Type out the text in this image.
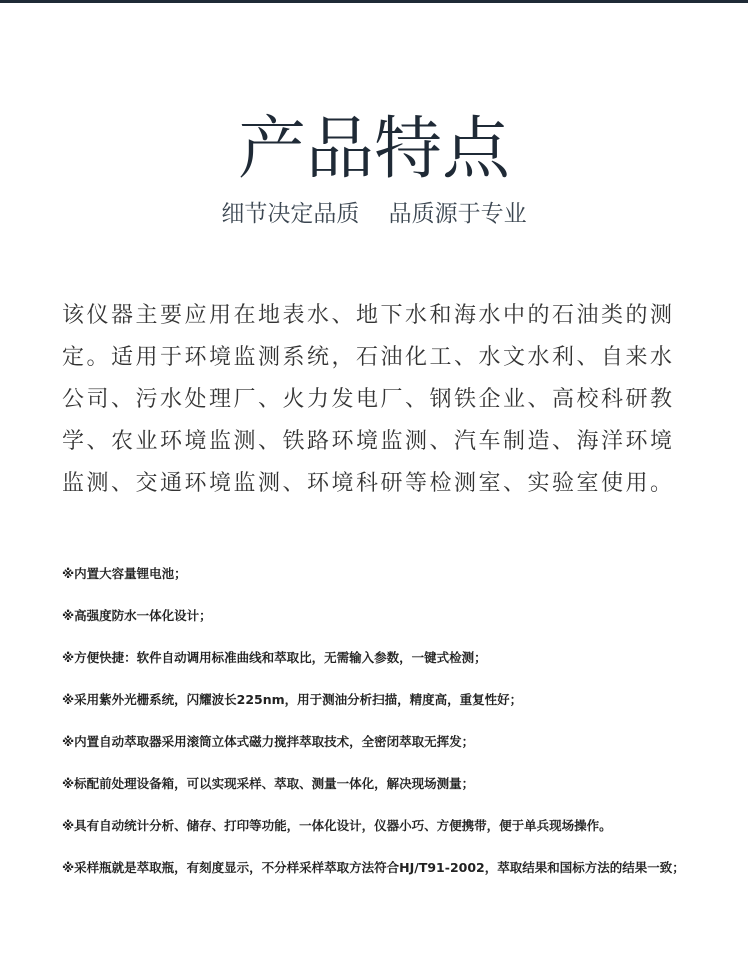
产品特点
细节决定品质    品质源于专业
该仪器主要应用在地表水、地下水和海水中的石油类的测定。适用于环境监测系统，石油化工、水文水利、自来水公司、污水处理厂、火力发电厂、钢铁企业、高校科研教学、农业环境监测、铁路环境监测、汽车制造、海洋环境监测、交通环境监测、环境科研等检测室、实验室使用。
※内置大容量锂电池；
※高强度防水一体化设计；
※方便快捷：软件自动调用标准曲线和萃取比，无需输入参数，一键式检测；
※采用紫外光栅系统，闪耀波长225nm，用于测油分析扫描，精度高，重复性好；
※内置自动萃取器采用滚筒立体式磁力搅拌萃取技术，全密闭萃取无挥发；
※标配前处理设备箱，可以实现采样、萃取、测量一体化，解决现场测量；
※具有自动统计分析、储存、打印等功能，一体化设计，仪器小巧、方便携带，便于单兵现场操作。
※采样瓶就是萃取瓶，有刻度显示，不分样采样萃取方法符合HJ/T91-2002，萃取结果和国标方法的结果一致；
